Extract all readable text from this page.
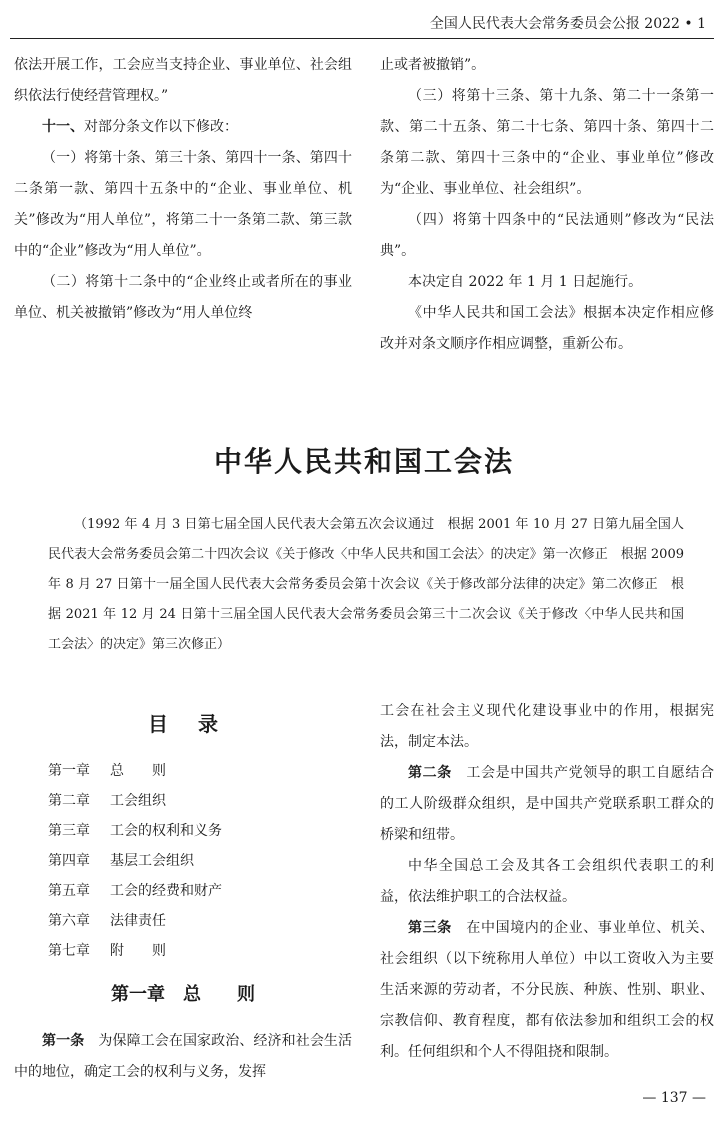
全国人民代表大会常务委员会公报 2022 • 1

依法开展工作，工会应当支持企业、事业单位、社会组织依法行使经营管理权。”

十一、对部分条文作以下修改：

（一）将第十条、第三十条、第四十一条、第四十二条第一款、第四十五条中的“企业、事业单位、机关”修改为“用人单位”，将第二十一条第二款、第三款中的“企业”修改为“用人单位”。

（二）将第十二条中的“企业终止或者所在的事业单位、机关被撤销”修改为“用人单位终

止或者被撤销”。

（三）将第十三条、第十九条、第二十一条第一款、第二十五条、第二十七条、第四十条、第四十二条第二款、第四十三条中的“企业、事业单位”修改为“企业、事业单位、社会组织”。

（四）将第十四条中的“民法通则”修改为“民法典”。

本决定自 2022 年 1 月 1 日起施行。

《中华人民共和国工会法》根据本决定作相应修改并对条文顺序作相应调整，重新公布。

中华人民共和国工会法
（1992 年 4 月 3 日第七届全国人民代表大会第五次会议通过　根据 2001 年 10 月 27 日第九届全国人民代表大会常务委员会第二十四次会议《关于修改〈中华人民共和国工会法〉的决定》第一次修正　根据 2009 年 8 月 27 日第十一届全国人民代表大会常务委员会第十次会议《关于修改部分法律的决定》第二次修正　根据 2021 年 12 月 24 日第十三届全国人民代表大会常务委员会第三十二次会议《关于修改〈中华人民共和国工会法〉的决定》第三次修正）
目录
第一章 总　　则
第二章 工会组织
第三章 工会的权利和义务
第四章 基层工会组织
第五章 工会的经费和财产
第六章 法律责任
第七章 附　　则
第一章　总　　则

第一条　为保障工会在国家政治、经济和社会生活中的地位，确定工会的权利与义务，发挥

工会在社会主义现代化建设事业中的作用，根据宪法，制定本法。

第二条　工会是中国共产党领导的职工自愿结合的工人阶级群众组织，是中国共产党联系职工群众的桥梁和纽带。

中华全国总工会及其各工会组织代表职工的利益，依法维护职工的合法权益。

第三条　在中国境内的企业、事业单位、机关、社会组织（以下统称用人单位）中以工资收入为主要生活来源的劳动者，不分民族、种族、性别、职业、宗教信仰、教育程度，都有依法参加和组织工会的权利。任何组织和个人不得阻挠和限制。

— 137 —
